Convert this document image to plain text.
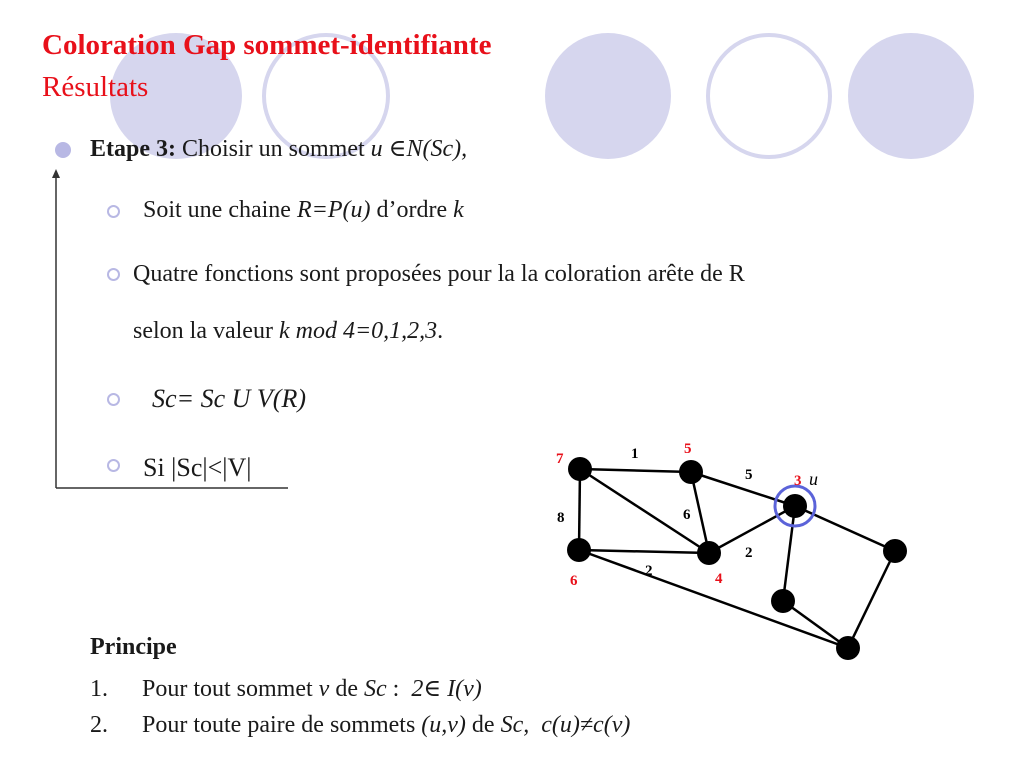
Coloration Gap sommet-identifiante
Résultats
Etape 3: Choisir un sommet u ∈N(Sc),
Soit une chaine R=P(u) d’ordre k
Quatre fonctions sont proposées pour la la coloration arête de R
selon la valeur k mod 4=0,1,2,3.
Sc= Sc U V(R)
Si |Sc|<|V|	7
5
3
6	4
u
1
5
8	6
2
2
Principe
1. Pour tout sommet v de Sc :  2∈ I(v)
2. Pour toute paire de sommets (u,v) de Sc, c(u)≠c(v)
